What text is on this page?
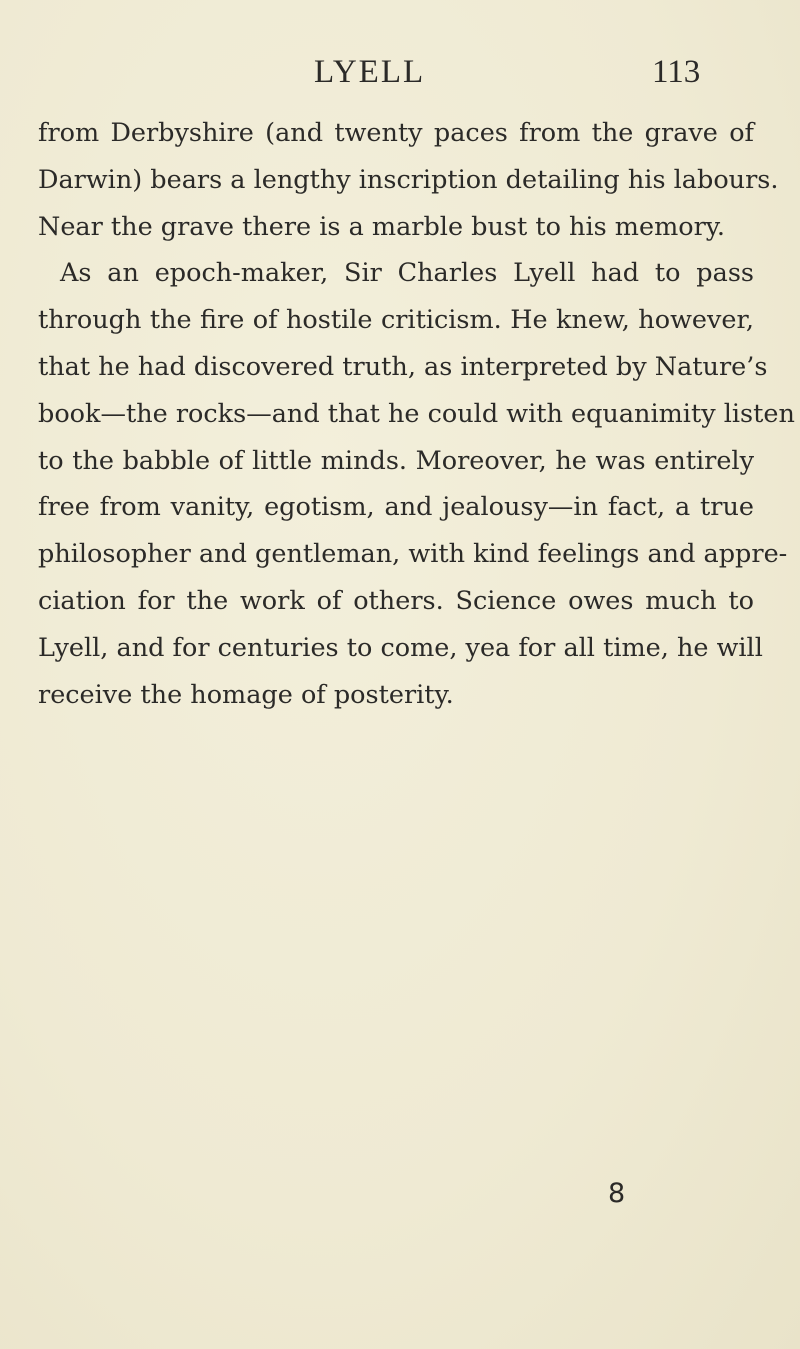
LYELL	113
from Derbyshire (and twenty paces from the grave of
Darwin) bears a lengthy inscription detailing his labours.
Near the grave there is a marble bust to his memory.
As an epoch-maker, Sir Charles Lyell had to pass
through the fire of hostile criticism. He knew, however,
that he had discovered truth, as interpreted by Nature’s
book—the rocks—and that he could with equanimity listen
to the babble of little minds. Moreover, he was entirely
free from vanity, egotism, and jealousy—in fact, a true
philosopher and gentleman, with kind feelings and appre-
ciation for the work of others. Science owes much to
Lyell, and for centuries to come, yea for all time, he will
receive the homage of posterity.
8
